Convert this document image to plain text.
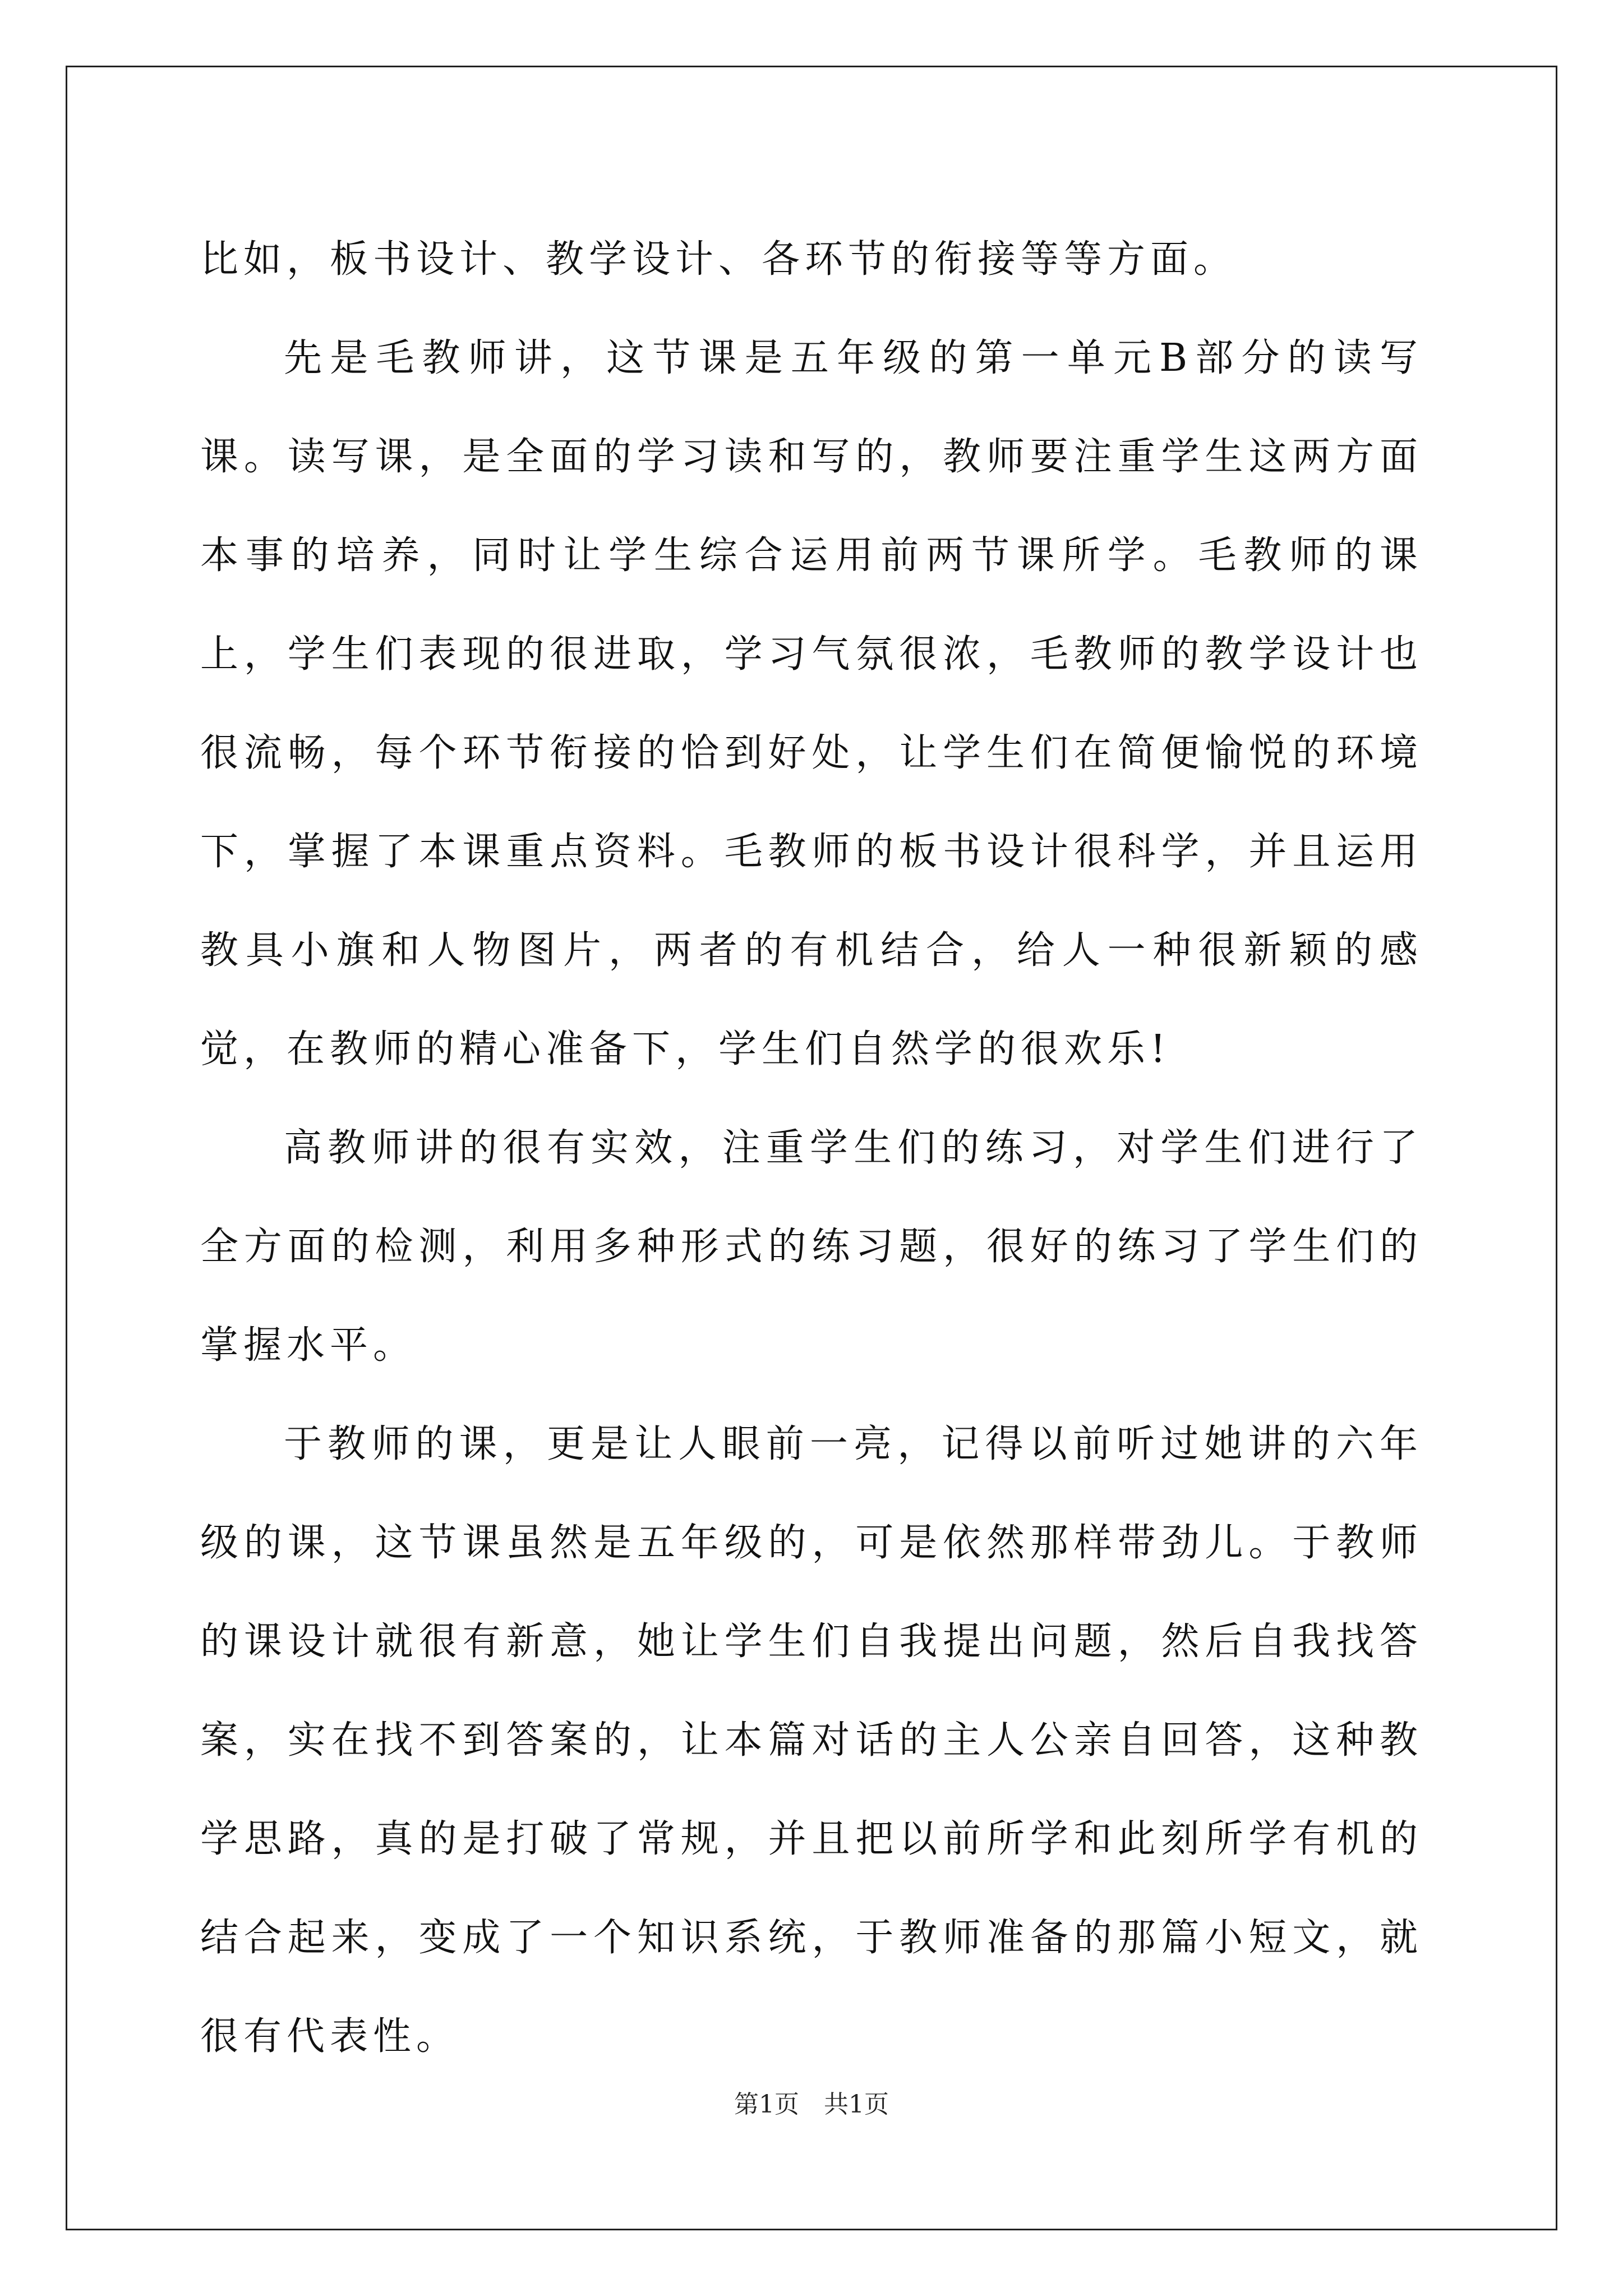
比如，板书设计、教学设计、各环节的衔接等等方面。

先是毛教师讲，这节课是五年级的第一单元B部分的读写课。读写课，是全面的学习读和写的，教师要注重学生这两方面本事的培养，同时让学生综合运用前两节课所学。毛教师的课上，学生们表现的很进取，学习气氛很浓，毛教师的教学设计也很流畅，每个环节衔接的恰到好处，让学生们在简便愉悦的环境下，掌握了本课重点资料。毛教师的板书设计很科学，并且运用教具小旗和人物图片，两者的有机结合，给人一种很新颖的感觉，在教师的精心准备下，学生们自然学的很欢乐!

高教师讲的很有实效，注重学生们的练习，对学生们进行了全方面的检测，利用多种形式的练习题，很好的练习了学生们的掌握水平。

于教师的课，更是让人眼前一亮，记得以前听过她讲的六年级的课，这节课虽然是五年级的，可是依然那样带劲儿。于教师的课设计就很有新意，她让学生们自我提出问题，然后自我找答案，实在找不到答案的，让本篇对话的主人公亲自回答，这种教学思路，真的是打破了常规，并且把以前所学和此刻所学有机的结合起来，变成了一个知识系统，于教师准备的那篇小短文，就很有代表性。

第1页 共1页
